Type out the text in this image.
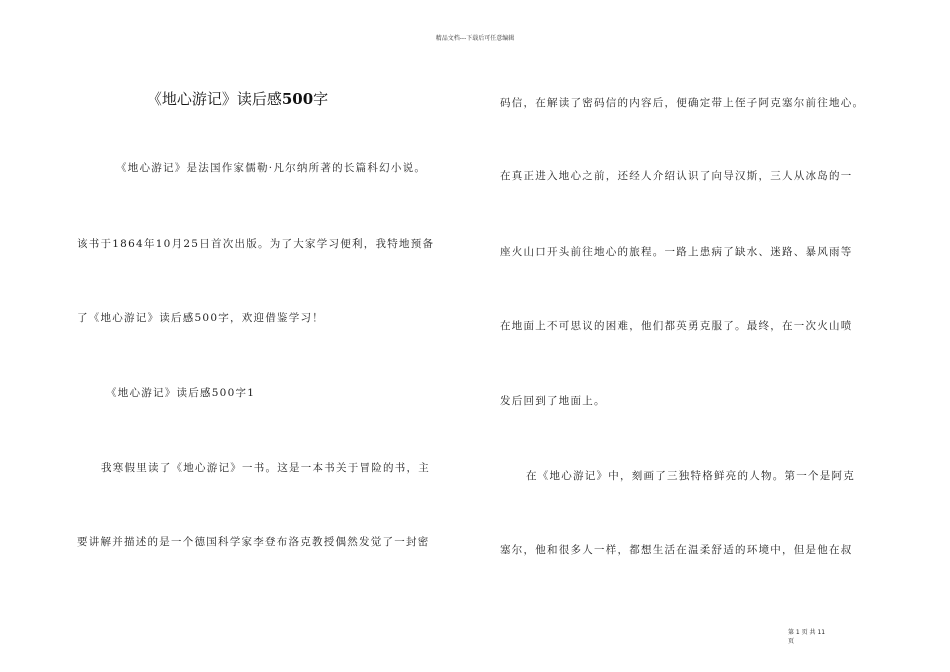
精品文档---下载后可任意编辑
《地心游记》读后感500字
《地心游记》是法国作家儒勒·凡尔纳所著的长篇科幻小说。
该书于1864年10月25日首次出版。为了大家学习便利，我特地预备
了《地心游记》读后感500字，欢迎借鉴学习！
《地心游记》读后感500字1
我寒假里读了《地心游记》一书。这是一本书关于冒险的书，主
要讲解并描述的是一个德国科学家李登布洛克教授偶然发觉了一封密
码信，在解读了密码信的内容后，便确定带上侄子阿克塞尔前往地心。
在真正进入地心之前，还经人介绍认识了向导汉斯，三人从冰岛的一
座火山口开头前往地心的旅程。一路上患病了缺水、迷路、暴风雨等
在地面上不可思议的困难，他们都英勇克服了。最终，在一次火山喷
发后回到了地面上。
在《地心游记》中，刻画了三独特格鲜亮的人物。第一个是阿克
塞尔，他和很多人一样，都想生活在温柔舒适的环境中，但是他在叔
第 1 页 共 11
页
